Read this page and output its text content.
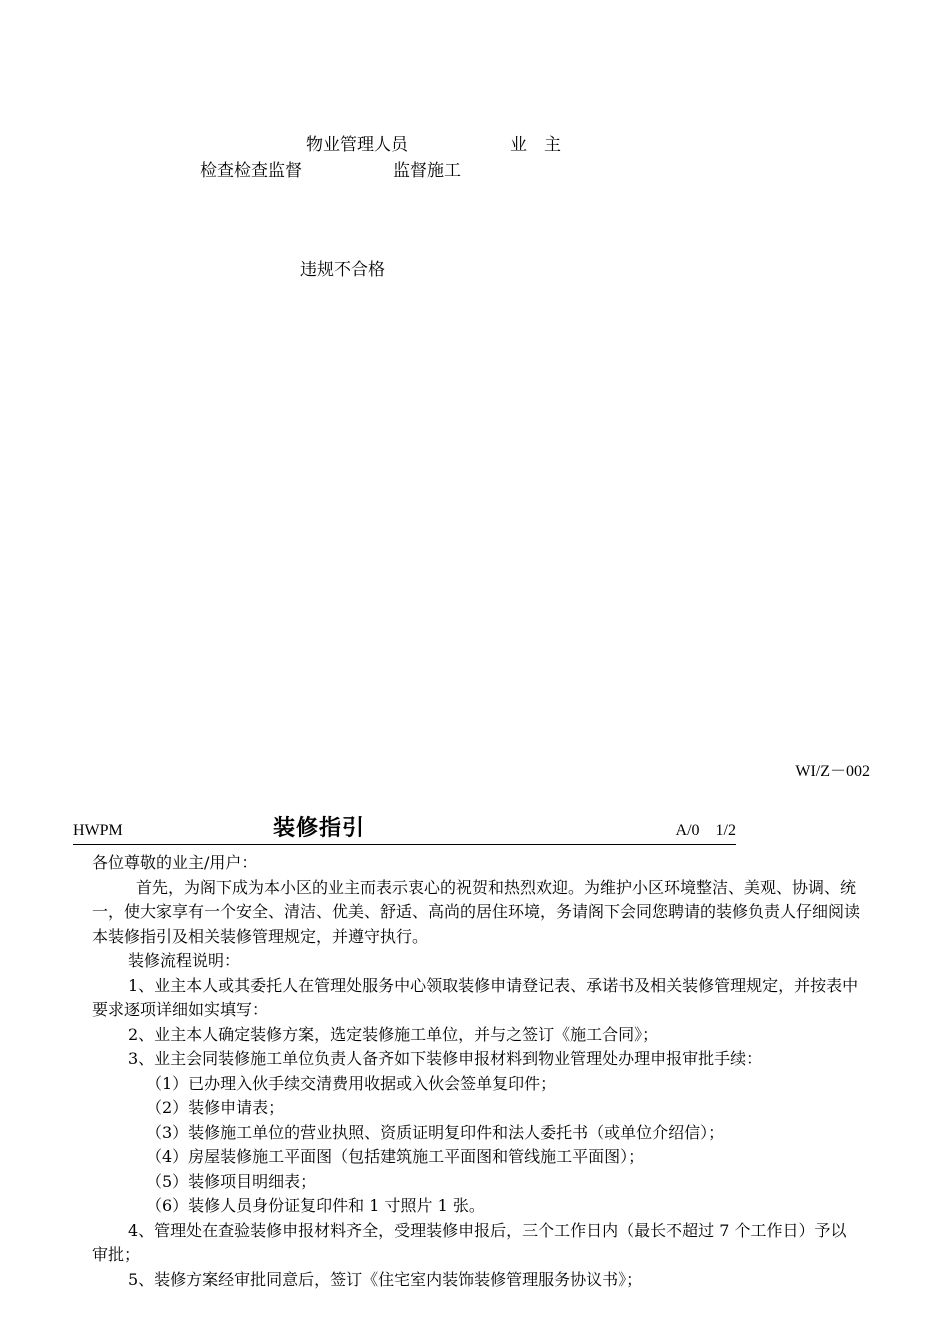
物业管理人员	业　主
检查检查监督	监督施工
违规不合格
WI/Z－002
HWPM	装修指引	A/0　1/2

各位尊敬的业主/用户：

首先，为阁下成为本小区的业主而表示衷心的祝贺和热烈欢迎。为维护小区环境整洁、美观、协调、统一，使大家享有一个安全、清洁、优美、舒适、高尚的居住环境，务请阁下会同您聘请的装修负责人仔细阅读本装修指引及相关装修管理规定，并遵守执行。

装修流程说明：

1、业主本人或其委托人在管理处服务中心领取装修申请登记表、承诺书及相关装修管理规定，并按表中要求逐项详细如实填写：

2、业主本人确定装修方案，选定装修施工单位，并与之签订《施工合同》；

3、业主会同装修施工单位负责人备齐如下装修申报材料到物业管理处办理申报审批手续：

（1）已办理入伙手续交清费用收据或入伙会签单复印件；

（2）装修申请表；

（3）装修施工单位的营业执照、资质证明复印件和法人委托书（或单位介绍信）；

（4）房屋装修施工平面图（包括建筑施工平面图和管线施工平面图）；

（5）装修项目明细表；

（6）装修人员身份证复印件和 1 寸照片 1 张。

4、管理处在查验装修申报材料齐全，受理装修申报后，三个工作日内（最长不超过 7 个工作日）予以审批；

5、装修方案经审批同意后，签订《住宅室内装饰装修管理服务协议书》；
